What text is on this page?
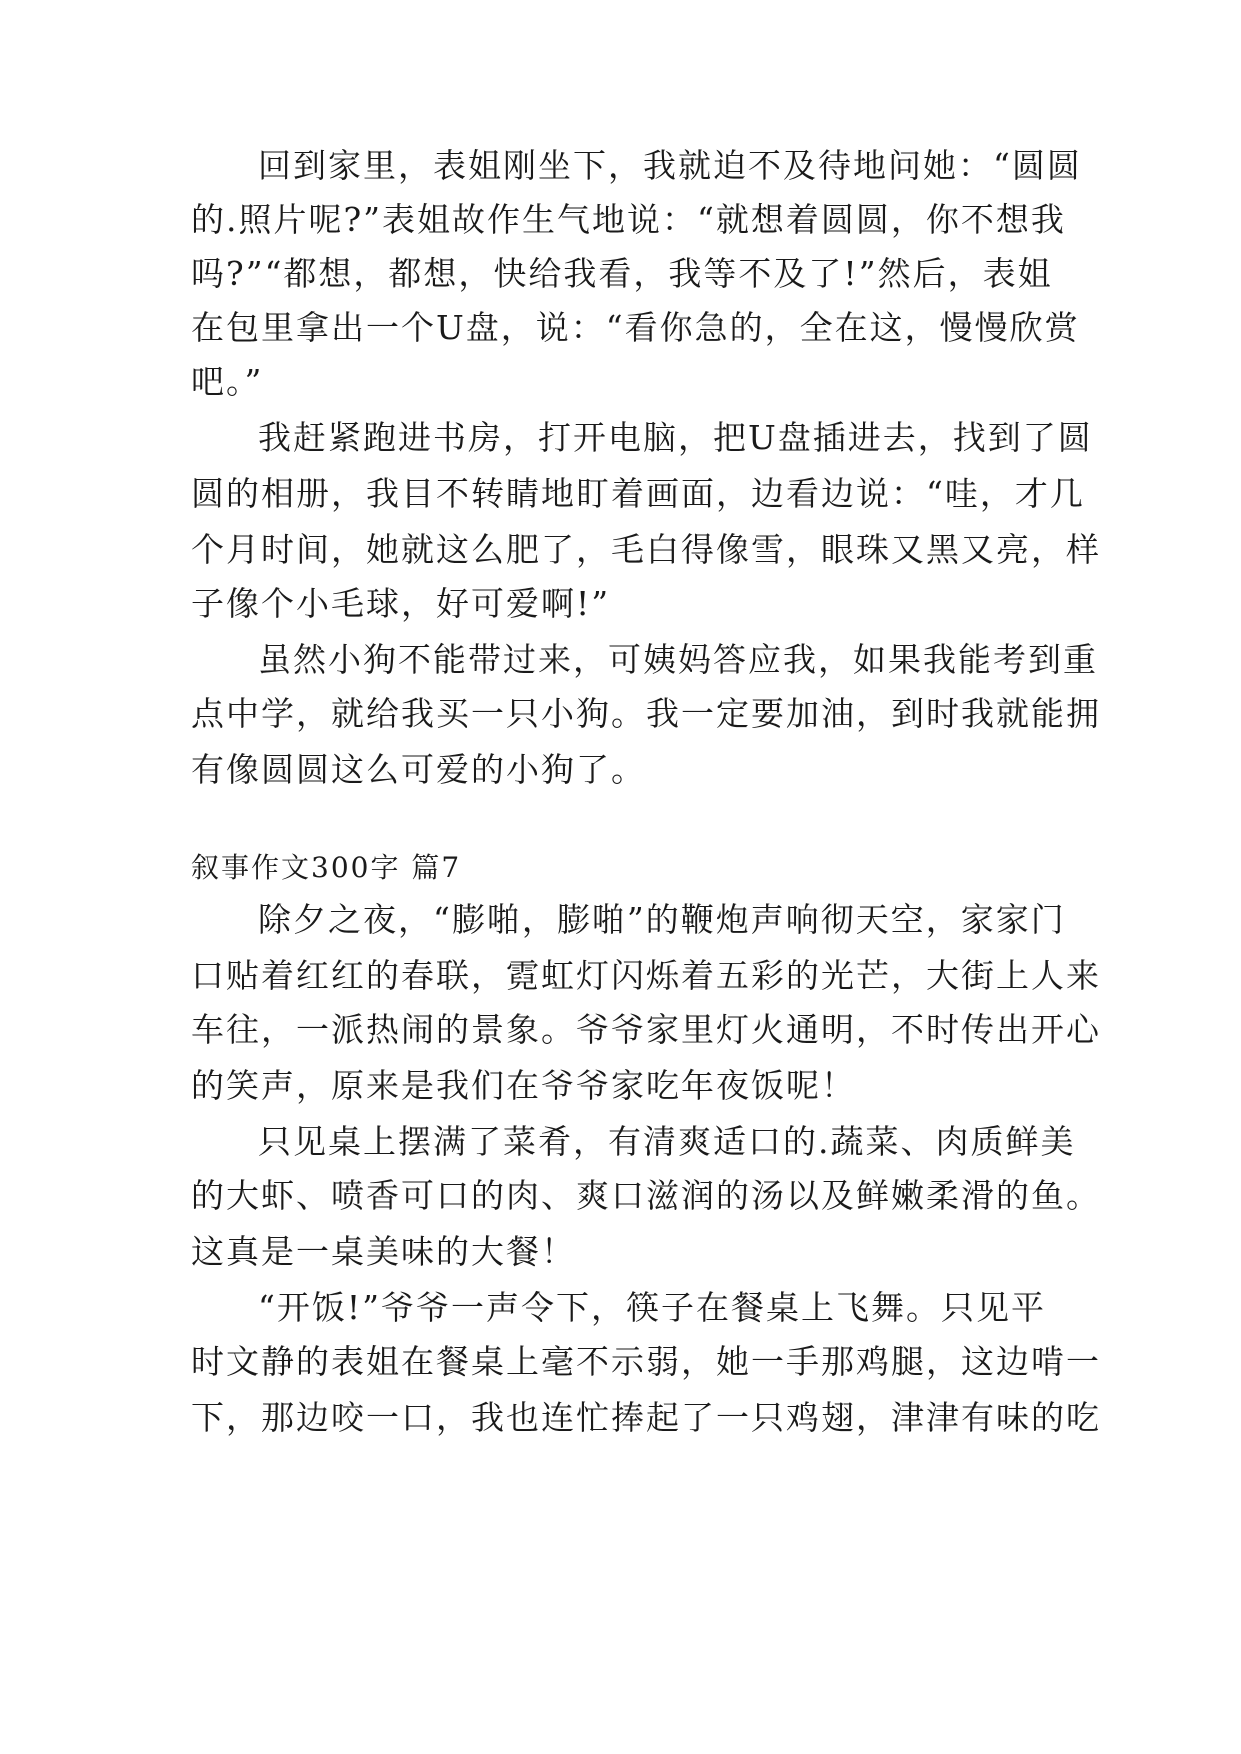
回到家里，表姐刚坐下，我就迫不及待地问她：“圆圆
的.照片呢?”表姐故作生气地说：“就想着圆圆，你不想我
吗?”“都想，都想，快给我看，我等不及了!”然后，表姐
在包里拿出一个U盘，说：“看你急的，全在这，慢慢欣赏
吧。”
我赶紧跑进书房，打开电脑，把U盘插进去，找到了圆
圆的相册，我目不转睛地盯着画面，边看边说：“哇，才几
个月时间，她就这么肥了，毛白得像雪，眼珠又黑又亮，样
子像个小毛球，好可爱啊!”
虽然小狗不能带过来，可姨妈答应我，如果我能考到重
点中学，就给我买一只小狗。我一定要加油，到时我就能拥
有像圆圆这么可爱的小狗了。
叙事作文300字 篇7
除夕之夜，“膨啪，膨啪”的鞭炮声响彻天空，家家门
口贴着红红的春联，霓虹灯闪烁着五彩的光芒，大街上人来
车往，一派热闹的景象。爷爷家里灯火通明，不时传出开心
的笑声，原来是我们在爷爷家吃年夜饭呢！
只见桌上摆满了菜肴，有清爽适口的.蔬菜、肉质鲜美
的大虾、喷香可口的肉、爽口滋润的汤以及鲜嫩柔滑的鱼。
这真是一桌美味的大餐！
“开饭!”爷爷一声令下，筷子在餐桌上飞舞。只见平
时文静的表姐在餐桌上毫不示弱，她一手那鸡腿，这边啃一
下，那边咬一口，我也连忙捧起了一只鸡翅，津津有味的吃
